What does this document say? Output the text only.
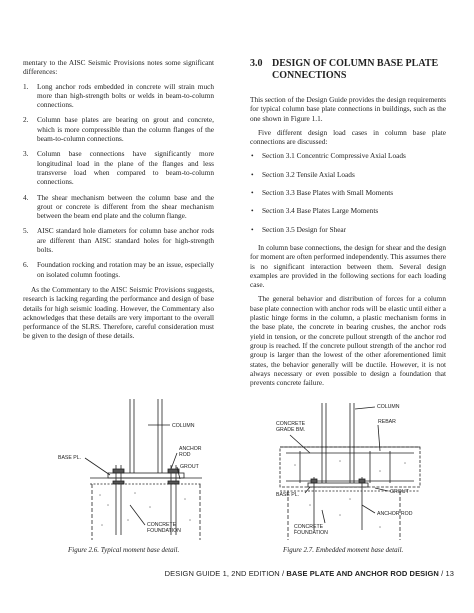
mentary to the AISC Seismic Provisions notes some significant differences:

1. Long anchor rods embedded in concrete will strain much more than high-strength bolts or welds in beam-to-column connections.
2. Column base plates are bearing on grout and concrete, which is more compressible than the column flanges of the beam-to-column connections.
3. Column base connections have significantly more longitudinal load in the plane of the flanges and less transverse load when compared to beam-to-column connections.
4. The shear mechanism between the column base and the grout or concrete is different from the shear mechanism between the beam end plate and the column flange.
5. AISC standard hole diameters for column base anchor rods are different than AISC standard holes for high-strength bolts.
6. Foundation rocking and rotation may be an issue, especially on isolated column footings.

As the Commentary to the AISC Seismic Provisions suggests, research is lacking regarding the performance and design of base details for high seismic loading. However, the Commentary also acknowledges that these details are very important to the overall performance of the SLRS. Therefore, careful consideration must be given to the design of these details.

3.0 DESIGN OF COLUMN BASE PLATE
CONNECTIONS

This section of the Design Guide provides the design requirements for typical column base plate connections in buildings, such as the one shown in Figure 1.1.

Five different design load cases in column base plate connections are discussed:

• Section 3.1 Concentric Compressive Axial Loads
• Section 3.2 Tensile Axial Loads
• Section 3.3 Base Plates with Small Moments
• Section 3.4 Base Plates Large Moments
• Section 3.5 Design for Shear

In column base connections, the design for shear and the design for moment are often performed independently. This assumes there is no significant interaction between them. Several design examples are provided in the following sections for each loading case.

The general behavior and distribution of forces for a column base plate connection with anchor rods will be elastic until either a plastic hinge forms in the column, a plastic mechanism forms in the base plate, the concrete in bearing crushes, the anchor rods yield in tension, or the concrete pullout strength of the anchor rod group is reached. If the concrete pullout strength of the anchor rod group is larger than the lowest of the other aforementioned limit states, the behavior generally will be ductile. However, it is not always necessary or even possible to design a foundation that prevents concrete failure.

COLUMN
BASE PL.
ANCHOR
ROD
GROUT
CONCRETE
FOUNDATION
Figure 2.6. Typical moment base detail.
COLUMN
CONCRETE
GRADE BM.
REBAR
GROUT
BASE PL.
ANCHOR ROD
CONCRETE
FOUNDATION
Figure 2.7. Embedded moment base detail.
DESIGN GUIDE 1, 2ND EDITION / BASE PLATE AND ANCHOR ROD DESIGN / 13
